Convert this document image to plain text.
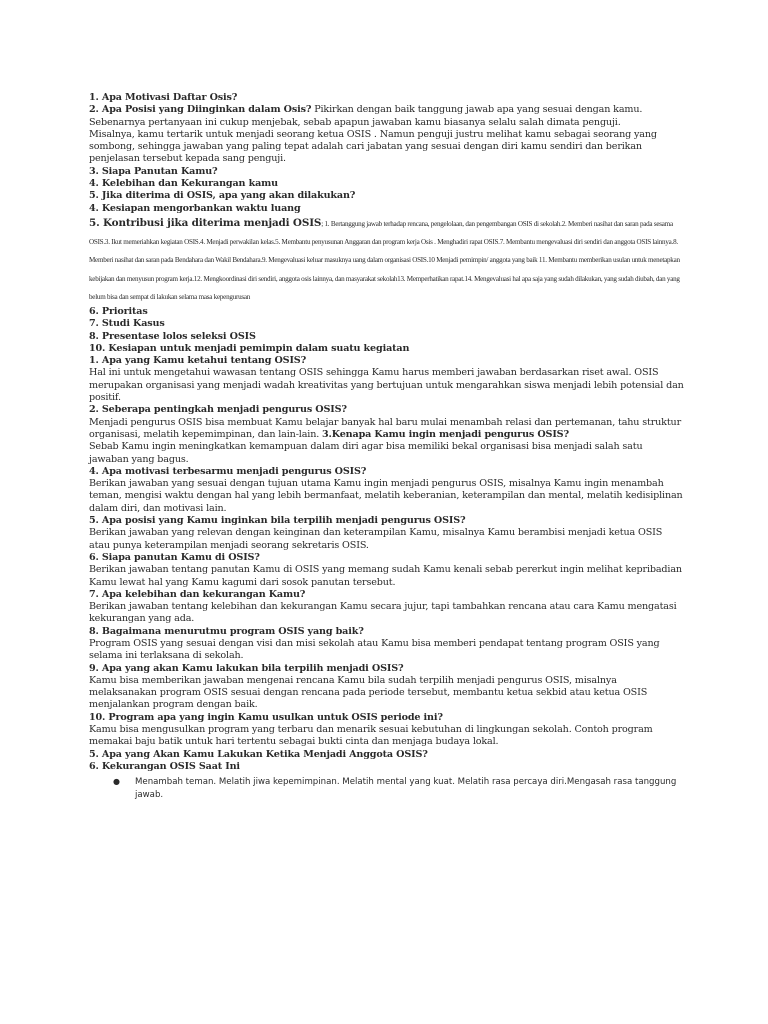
1. Apa Motivasi Daftar Osis?

2. Apa Posisi yang Diinginkan dalam Osis? Pikirkan dengan baik tanggung jawab apa yang sesuai dengan kamu. Sebenarnya pertanyaan ini cukup menjebak, sebab apapun jawaban kamu biasanya selalu salah dimata penguji.

Misalnya, kamu tertarik untuk menjadi seorang ketua OSIS . Namun penguji justru melihat kamu sebagai seorang yang sombong, sehingga jawaban yang paling tepat adalah cari jabatan yang sesuai dengan diri kamu sendiri dan berikan penjelasan tersebut kepada sang penguji.

3. Siapa Panutan Kamu?

4. Kelebihan dan Kekurangan kamu

5. Jika diterima di OSIS, apa yang akan dilakukan?

4. Kesiapan mengorbankan waktu luang

5. Kontribusi jika diterima menjadi OSIS; 1. Bertanggung jawab terhadap rencana, pengelolaan, dan pengembangan OSIS di sekolah.2. Memberi nasihat dan saran pada sesama OSIS.3. Ikut memeriahkan kegiatan OSIS.4. Menjadi perwakilan kelas.5. Membantu penyusunan Anggaran dan program kerja Osis . Menghadiri rapat OSIS.7. Membantu mengevaluasi diri sendiri dan anggota OSIS lainnya.8. Memberi nasihat dan saran pada Bendahara dan Wakil Bendahara.9. Mengevaluasi keluar masuknya uang dalam organisasi OSIS.10 Menjadi pemimpin/ anggota yang baik 11. Membantu memberikan usulan untuk menetapkan kebijakan dan menyusun program kerja.12. Mengkoordinasi diri sendiri, anggota osis lainnya, dan masyarakat sekolah13. Memperhatikan rapat.14. Mengevaluasi hal apa saja yang sudah dilakukan, yang sudah diubah, dan yang belum bisa dan sempat di lakukan selama masa kepengurusan

6. Prioritas

7. Studi Kasus

8. Presentase lolos seleksi OSIS

10. Kesiapan untuk menjadi pemimpin dalam suatu kegiatan

1. Apa yang Kamu ketahui tentang OSIS?

Hal ini untuk mengetahui wawasan tentang OSIS sehingga Kamu harus memberi jawaban berdasarkan riset awal. OSIS merupakan organisasi yang menjadi wadah kreativitas yang bertujuan untuk mengarahkan siswa menjadi lebih potensial dan positif.

2. Seberapa pentingkah menjadi pengurus OSIS?

Menjadi pengurus OSIS bisa membuat Kamu belajar banyak hal baru mulai menambah relasi dan pertemanan, tahu struktur organisasi, melatih kepemimpinan, dan lain-lain. 3.Kenapa Kamu ingin menjadi pengurus OSIS?

Sebab Kamu ingin meningkatkan kemampuan dalam diri agar bisa memiliki bekal organisasi bisa menjadi salah satu jawaban yang bagus.

4. Apa motivasi terbesarmu menjadi pengurus OSIS?

Berikan jawaban yang sesuai dengan tujuan utama Kamu ingin menjadi pengurus OSIS, misalnya Kamu ingin menambah teman, mengisi waktu dengan hal yang lebih bermanfaat, melatih keberanian, keterampilan dan mental, melatih kedisiplinan dalam diri, dan motivasi lain.

5. Apa posisi yang Kamu inginkan bila terpilih menjadi pengurus OSIS?

Berikan jawaban yang relevan dengan keinginan dan keterampilan Kamu, misalnya Kamu berambisi menjadi ketua OSIS atau punya keterampilan menjadi seorang sekretaris OSIS.

6. Siapa panutan Kamu di OSIS?

Berikan jawaban tentang panutan Kamu di OSIS yang memang sudah Kamu kenali sebab pererkut ingin melihat kepribadian Kamu lewat hal yang Kamu kagumi dari sosok panutan tersebut.

7. Apa kelebihan dan kekurangan Kamu?

Berikan jawaban tentang kelebihan dan kekurangan Kamu secara jujur, tapi tambahkan rencana atau cara Kamu mengatasi kekurangan yang ada.

8. Bagaimana menurutmu program OSIS yang baik?

Program OSIS yang sesuai dengan visi dan misi sekolah atau Kamu bisa memberi pendapat tentang program OSIS yang selama ini terlaksana di sekolah.

9. Apa yang akan Kamu lakukan bila terpilih menjadi OSIS?

Kamu bisa memberikan jawaban mengenai rencana Kamu bila sudah terpilih menjadi pengurus OSIS, misalnya melaksanakan program OSIS sesuai dengan rencana pada periode tersebut, membantu ketua sekbid atau ketua OSIS menjalankan program dengan baik.

10. Program apa yang ingin Kamu usulkan untuk OSIS periode ini?

Kamu bisa mengusulkan program yang terbaru dan menarik sesuai kebutuhan di lingkungan sekolah. Contoh program memakai baju batik untuk hari tertentu sebagai bukti cinta dan menjaga budaya lokal.

5. Apa yang Akan Kamu Lakukan Ketika Menjadi Anggota OSIS?

6. Kekurangan OSIS Saat Ini

● Menambah teman. Melatih jiwa kepemimpinan. Melatih mental yang kuat. Melatih rasa percaya diri.Mengasah rasa tanggung jawab.
